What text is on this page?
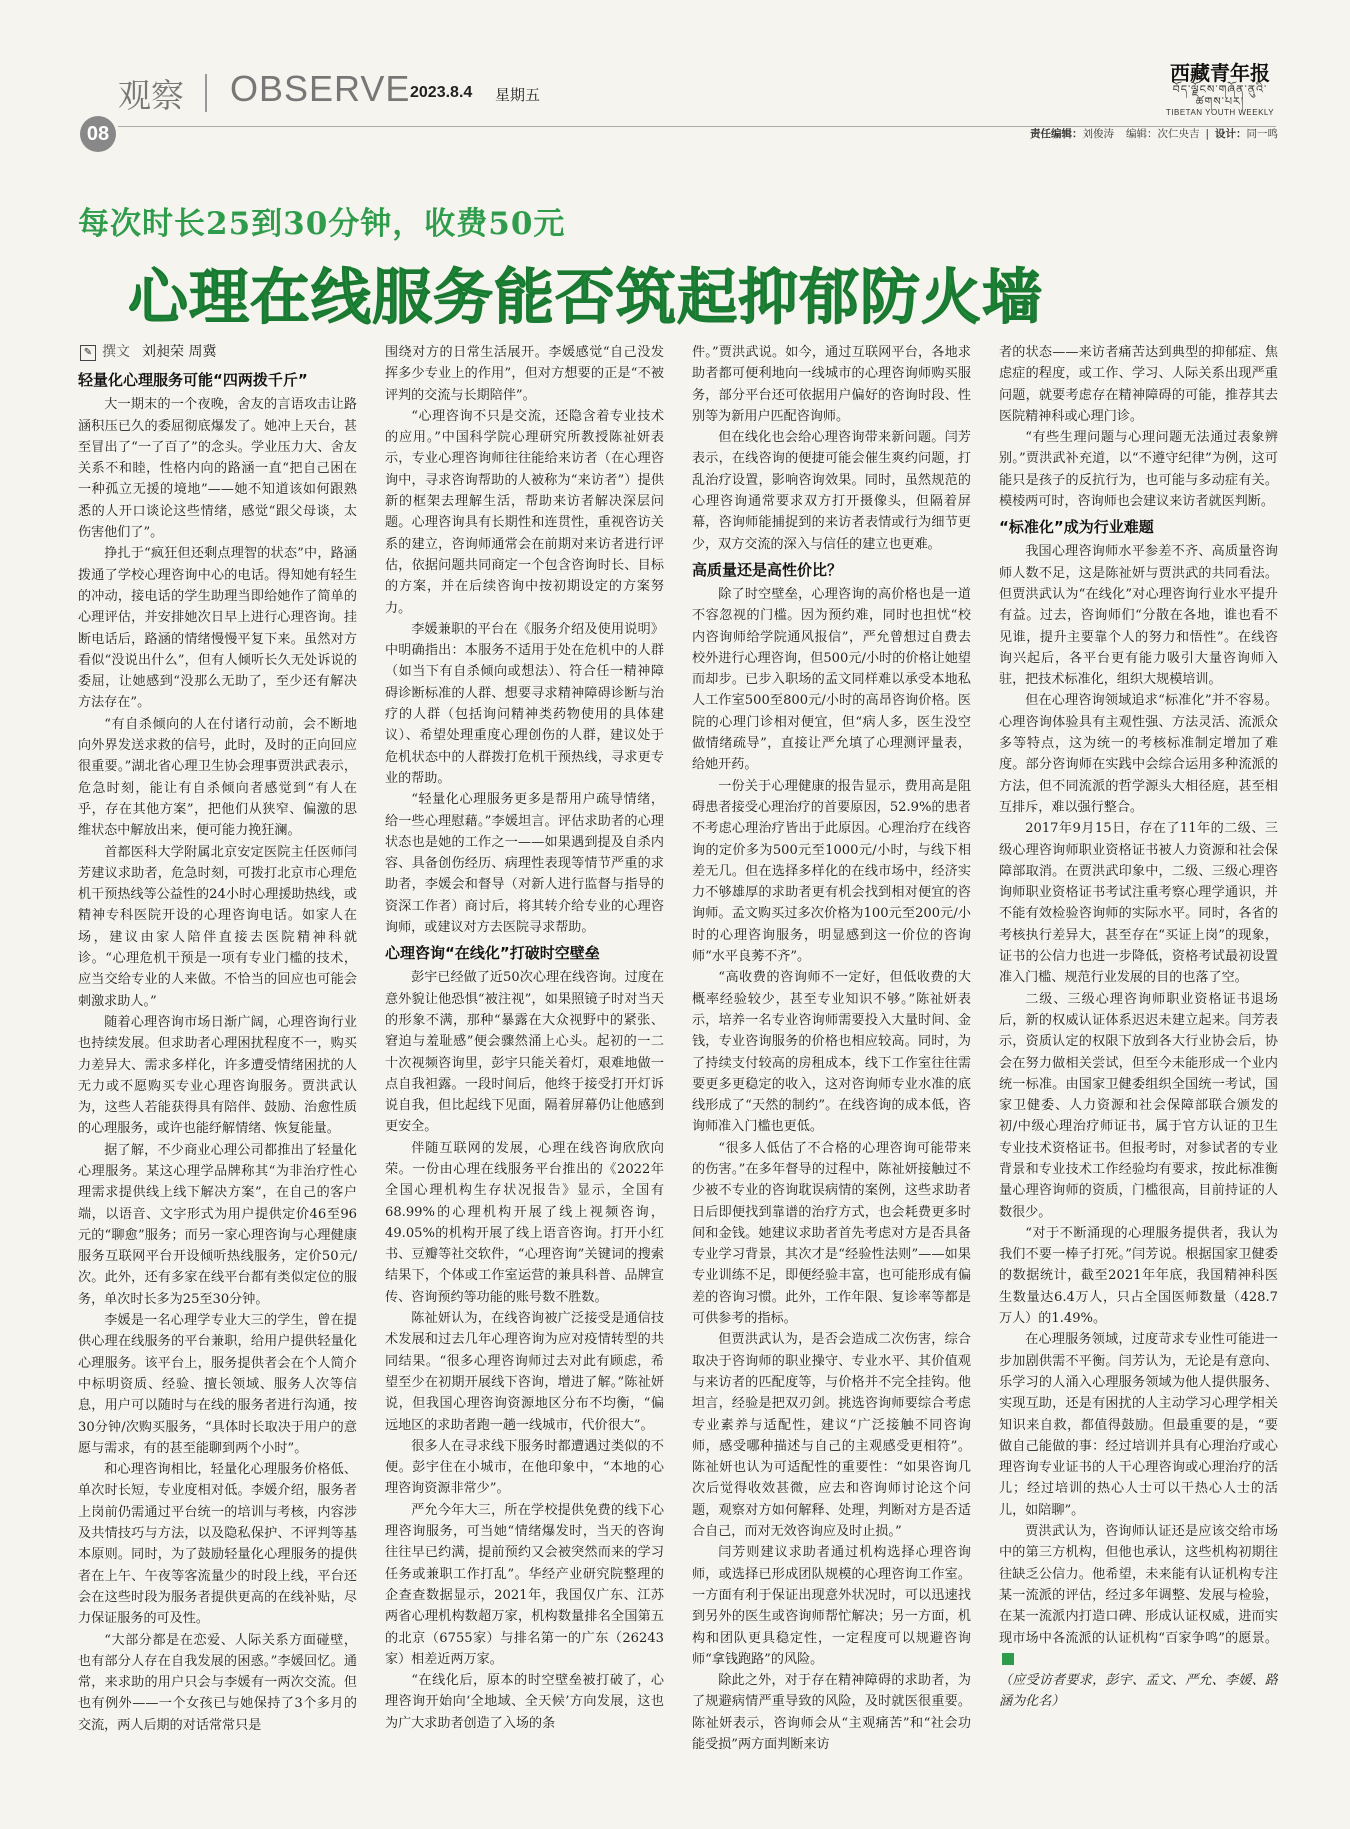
观察 OBSERVE 2023.8.4 星期五
西藏青年报
བོད་ལྗོངས་གཞོན་ནུའི་ཚགས་པར།
TIBETAN YOUTH WEEKLY
08	责任编辑：刘俊涛 编辑：次仁央吉 | 设计：同一鸣
每次时长25到30分钟，收费50元
心理在线服务能否筑起抑郁防火墙
✎ 撰文 刘昶荣 周冀
轻量化心理服务可能“四两拨千斤”

大一期末的一个夜晚，舍友的言语攻击让路涵积压已久的委屈彻底爆发了。她冲上天台，甚至冒出了“一了百了”的念头。学业压力大、舍友关系不和睦，性格内向的路涵一直“把自己困在一种孤立无援的境地”——她不知道该如何跟熟悉的人开口谈论这些情绪，感觉“跟父母谈，太伤害他们了”。

挣扎于“疯狂但还剩点理智的状态”中，路涵拨通了学校心理咨询中心的电话。得知她有轻生的冲动，接电话的学生助理当即给她作了简单的心理评估，并安排她次日早上进行心理咨询。挂断电话后，路涵的情绪慢慢平复下来。虽然对方看似“没说出什么”，但有人倾听长久无处诉说的委屈，让她感到“没那么无助了，至少还有解决方法存在”。

“有自杀倾向的人在付诸行动前，会不断地向外界发送求救的信号，此时，及时的正向回应很重要。”湖北省心理卫生协会理事贾洪武表示，危急时刻，能让有自杀倾向者感觉到“有人在乎，存在其他方案”，把他们从狭窄、偏激的思维状态中解放出来，便可能力挽狂澜。

首都医科大学附属北京安定医院主任医师闫芳建议求助者，危急时刻，可拨打北京市心理危机干预热线等公益性的24小时心理援助热线，或精神专科医院开设的心理咨询电话。如家人在场，建议由家人陪伴直接去医院精神科就诊。“心理危机干预是一项有专业门槛的技术，应当交给专业的人来做。不恰当的回应也可能会刺激求助人。”

随着心理咨询市场日渐广阔，心理咨询行业也持续发展。但求助者心理困扰程度不一，购买力差异大、需求多样化，许多遭受情绪困扰的人无力或不愿购买专业心理咨询服务。贾洪武认为，这些人若能获得具有陪伴、鼓励、治愈性质的心理服务，或许也能纾解情绪、恢复能量。

据了解，不少商业心理公司都推出了轻量化心理服务。某这心理学品牌称其“为非治疗性心理需求提供线上线下解决方案”，在自己的客户端，以语音、文字形式为用户提供定价46至96元的“聊愈”服务；而另一家心理咨询与心理健康服务互联网平台开设倾听热线服务，定价50元/次。此外，还有多家在线平台都有类似定位的服务，单次时长多为25至30分钟。

李媛是一名心理学专业大三的学生，曾在提供心理在线服务的平台兼职，给用户提供轻量化心理服务。该平台上，服务提供者会在个人简介中标明资质、经验、擅长领域、服务人次等信息，用户可以随时与在线的服务者进行沟通，按30分钟/次购买服务，“具体时长取决于用户的意愿与需求，有的甚至能聊到两个小时”。

和心理咨询相比，轻量化心理服务价格低、单次时长短，专业度相对低。李媛介绍，服务者上岗前仍需通过平台统一的培训与考核，内容涉及共情技巧与方法，以及隐私保护、不评判等基本原则。同时，为了鼓励轻量化心理服务的提供者在上午、午夜等客流量少的时段上线，平台还会在这些时段为服务者提供更高的在线补贴，尽力保证服务的可及性。

“大部分都是在恋爱、人际关系方面碰壁，也有部分人存在自我发展的困惑。”李媛回忆。通常，来求助的用户只会与李媛有一两次交流。但也有例外——一个女孩已与她保持了3个多月的交流，两人后期的对话常常只是

围绕对方的日常生活展开。李媛感觉“自己没发挥多少专业上的作用”，但对方想要的正是“不被评判的交流与长期陪伴”。

“心理咨询不只是交流，还隐含着专业技术的应用。”中国科学院心理研究所教授陈祉妍表示，专业心理咨询师往往能给来访者（在心理咨询中，寻求咨询帮助的人被称为“来访者”）提供新的框架去理解生活，帮助来访者解决深层问题。心理咨询具有长期性和连贯性，重视咨访关系的建立，咨询师通常会在前期对来访者进行评估，依据问题共同商定一个包含咨询时长、目标的方案，并在后续咨询中按初期设定的方案努力。

李媛兼职的平台在《服务介绍及使用说明》中明确指出：本服务不适用于处在危机中的人群（如当下有自杀倾向或想法）、符合任一精神障碍诊断标准的人群、想要寻求精神障碍诊断与治疗的人群（包括询问精神类药物使用的具体建议）、希望处理重度心理创伤的人群，建议处于危机状态中的人群拨打危机干预热线，寻求更专业的帮助。

“轻量化心理服务更多是帮用户疏导情绪，给一些心理慰藉。”李媛坦言。评估求助者的心理状态也是她的工作之一——如果遇到提及自杀内容、具备创伤经历、病理性表现等情节严重的求助者，李媛会和督导（对新人进行监督与指导的资深工作者）商讨后，将其转介给专业的心理咨询师，或建议对方去医院寻求帮助。

心理咨询“在线化”打破时空壁垒

彭宇已经做了近50次心理在线咨询。过度在意外貌让他恐惧“被注视”，如果照镜子时对当天的形象不满，那种“暴露在大众视野中的紧张、窘迫与羞耻感”便会骤然涌上心头。起初的一二十次视频咨询里，彭宇只能关着灯，艰难地做一点自我袒露。一段时间后，他终于接受打开灯诉说自我，但比起线下见面，隔着屏幕仍让他感到更安全。

伴随互联网的发展，心理在线咨询欣欣向荣。一份由心理在线服务平台推出的《2022年全国心理机构生存状况报告》显示，全国有68.99%的心理机构开展了线上视频咨询，49.05%的机构开展了线上语音咨询。打开小红书、豆瓣等社交软件，“心理咨询”关键词的搜索结果下，个体或工作室运营的兼具科普、品牌宣传、咨询预约等功能的账号数不胜数。

陈祉妍认为，在线咨询被广泛接受是通信技术发展和过去几年心理咨询为应对疫情转型的共同结果。“很多心理咨询师过去对此有顾虑，希望至少在初期开展线下咨询，增进了解。”陈祉妍说，但我国心理咨询资源地区分布不均衡，“偏远地区的求助者跑一趟一线城市，代价很大”。

很多人在寻求线下服务时都遭遇过类似的不便。彭宇住在小城市，在他印象中，“本地的心理咨询资源非常少”。

严允今年大三，所在学校提供免费的线下心理咨询服务，可当她“情绪爆发时，当天的咨询往往早已约满，提前预约又会被突然而来的学习任务或兼职工作打乱”。华经产业研究院整理的企查查数据显示，2021年，我国仅广东、江苏两省心理机构数超万家，机构数量排名全国第五的北京（6755家）与排名第一的广东（26243家）相差近两万家。

“在线化后，原本的时空壁垒被打破了，心理咨询开始向‘全地域、全天候’方向发展，这也为广大求助者创造了入场的条

件。”贾洪武说。如今，通过互联网平台，各地求助者都可便利地向一线城市的心理咨询师购买服务，部分平台还可依据用户偏好的咨询时段、性别等为新用户匹配咨询师。

但在线化也会给心理咨询带来新问题。闫芳表示，在线咨询的便捷可能会催生爽约问题，打乱治疗设置，影响咨询效果。同时，虽然规范的心理咨询通常要求双方打开摄像头，但隔着屏幕，咨询师能捕捉到的来访者表情或行为细节更少，双方交流的深入与信任的建立也更难。

高质量还是高性价比？

除了时空壁垒，心理咨询的高价格也是一道不容忽视的门槛。因为预约难，同时也担忧“校内咨询师给学院通风报信”，严允曾想过自费去校外进行心理咨询，但500元/小时的价格让她望而却步。已步入职场的孟文同样难以承受本地私人工作室500至800元/小时的高昂咨询价格。医院的心理门诊相对便宜，但“病人多，医生没空做情绪疏导”，直接让严允填了心理测评量表，给她开药。

一份关于心理健康的报告显示，费用高是阻碍患者接受心理治疗的首要原因，52.9%的患者不考虑心理治疗皆出于此原因。心理治疗在线咨询的定价多为500元至1000元/小时，与线下相差无几。但在选择多样化的在线市场中，经济实力不够雄厚的求助者更有机会找到相对便宜的咨询师。孟文购买过多次价格为100元至200元/小时的心理咨询服务，明显感到这一价位的咨询师“水平良莠不齐”。

“高收费的咨询师不一定好，但低收费的大概率经验较少，甚至专业知识不够。”陈祉妍表示，培养一名专业咨询师需要投入大量时间、金钱，专业咨询服务的价格也相应较高。同时，为了持续支付较高的房租成本，线下工作室往往需要更多更稳定的收入，这对咨询师专业水准的底线形成了“天然的制约”。在线咨询的成本低，咨询师准入门槛也更低。

“很多人低估了不合格的心理咨询可能带来的伤害。”在多年督导的过程中，陈祉妍接触过不少被不专业的咨询耽误病情的案例，这些求助者日后即便找到靠谱的治疗方式，也会耗费更多时间和金钱。她建议求助者首先考虑对方是否具备专业学习背景，其次才是“经验性法则”——如果专业训练不足，即便经验丰富，也可能形成有偏差的咨询习惯。此外，工作年限、复诊率等都是可供参考的指标。

但贾洪武认为，是否会造成二次伤害，综合取决于咨询师的职业操守、专业水平、其价值观与来访者的匹配度等，与价格并不完全挂钩。他坦言，经验是把双刃剑。挑选咨询师要综合考虑专业素养与适配性，建议“广泛接触不同咨询师，感受哪种描述与自己的主观感受更相符”。陈祉妍也认为可适配性的重要性：“如果咨询几次后觉得收效甚微，应去和咨询师讨论这个问题，观察对方如何解释、处理，判断对方是否适合自己，而对无效咨询应及时止损。”

闫芳则建议求助者通过机构选择心理咨询师，或选择已形成团队规模的心理咨询工作室。一方面有利于保证出现意外状况时，可以迅速找到另外的医生或咨询师帮忙解决；另一方面，机构和团队更具稳定性，一定程度可以规避咨询师“拿钱跑路”的风险。

除此之外，对于存在精神障碍的求助者，为了规避病情严重导致的风险，及时就医很重要。陈祉妍表示，咨询师会从“主观痛苦”和“社会功能受损”两方面判断来访

者的状态——来访者痛苦达到典型的抑郁症、焦虑症的程度，或工作、学习、人际关系出现严重问题，就要考虑存在精神障碍的可能，推荐其去医院精神科或心理门诊。

“有些生理问题与心理问题无法通过表象辨别。”贾洪武补充道，以“不遵守纪律”为例，这可能只是孩子的反抗行为，也可能与多动症有关。模棱两可时，咨询师也会建议来访者就医判断。

“标准化”成为行业难题

我国心理咨询师水平参差不齐、高质量咨询师人数不足，这是陈祉妍与贾洪武的共同看法。但贾洪武认为“在线化”对心理咨询行业水平提升有益。过去，咨询师们“分散在各地，谁也看不见谁，提升主要靠个人的努力和悟性”。在线咨询兴起后，各平台更有能力吸引大量咨询师入驻，把技术标准化，组织大规模培训。

但在心理咨询领域追求“标准化”并不容易。心理咨询体验具有主观性强、方法灵活、流派众多等特点，这为统一的考核标准制定增加了难度。部分咨询师在实践中会综合运用多种流派的方法，但不同流派的哲学源头大相径庭，甚至相互排斥，难以强行整合。

2017年9月15日，存在了11年的二级、三级心理咨询师职业资格证书被人力资源和社会保障部取消。在贾洪武印象中，二级、三级心理咨询师职业资格证书考试注重考察心理学通识，并不能有效检验咨询师的实际水平。同时，各省的考核执行差异大，甚至存在“买证上岗”的现象，证书的公信力也进一步降低，资格考试最初设置准入门槛、规范行业发展的目的也落了空。

二级、三级心理咨询师职业资格证书退场后，新的权威认证体系迟迟未建立起来。闫芳表示，资质认定的权限下放到各大行业协会后，协会在努力做相关尝试，但至今未能形成一个业内统一标准。由国家卫健委组织全国统一考试，国家卫健委、人力资源和社会保障部联合颁发的初/中级心理治疗师证书，属于官方认证的卫生专业技术资格证书。但报考时，对参试者的专业背景和专业技术工作经验均有要求，按此标准衡量心理咨询师的资质，门槛很高，目前持证的人数很少。

“对于不断涌现的心理服务提供者，我认为我们不要一棒子打死。”闫芳说。根据国家卫健委的数据统计，截至2021年年底，我国精神科医生数量达6.4万人，只占全国医师数量（428.7万人）的1.49%。

在心理服务领域，过度苛求专业性可能进一步加剧供需不平衡。闫芳认为，无论是有意向、乐学习的人涌入心理服务领域为他人提供服务、实现互助，还是有困扰的人主动学习心理学相关知识来自救，都值得鼓励。但最重要的是，“要做自己能做的事：经过培训并具有心理治疗或心理咨询专业证书的人干心理咨询或心理治疗的活儿；经过培训的热心人士可以干热心人士的活儿，如陪聊”。

贾洪武认为，咨询师认证还是应该交给市场中的第三方机构，但他也承认，这些机构初期往往缺乏公信力。他希望，未来能有认证机构专注某一流派的评估，经过多年调整、发展与检验，在某一流派内打造口碑、形成认证权威，进而实现市场中各流派的认证机构“百家争鸣”的愿景。

（应受访者要求，彭宇、孟文、严允、李媛、路涵为化名）
